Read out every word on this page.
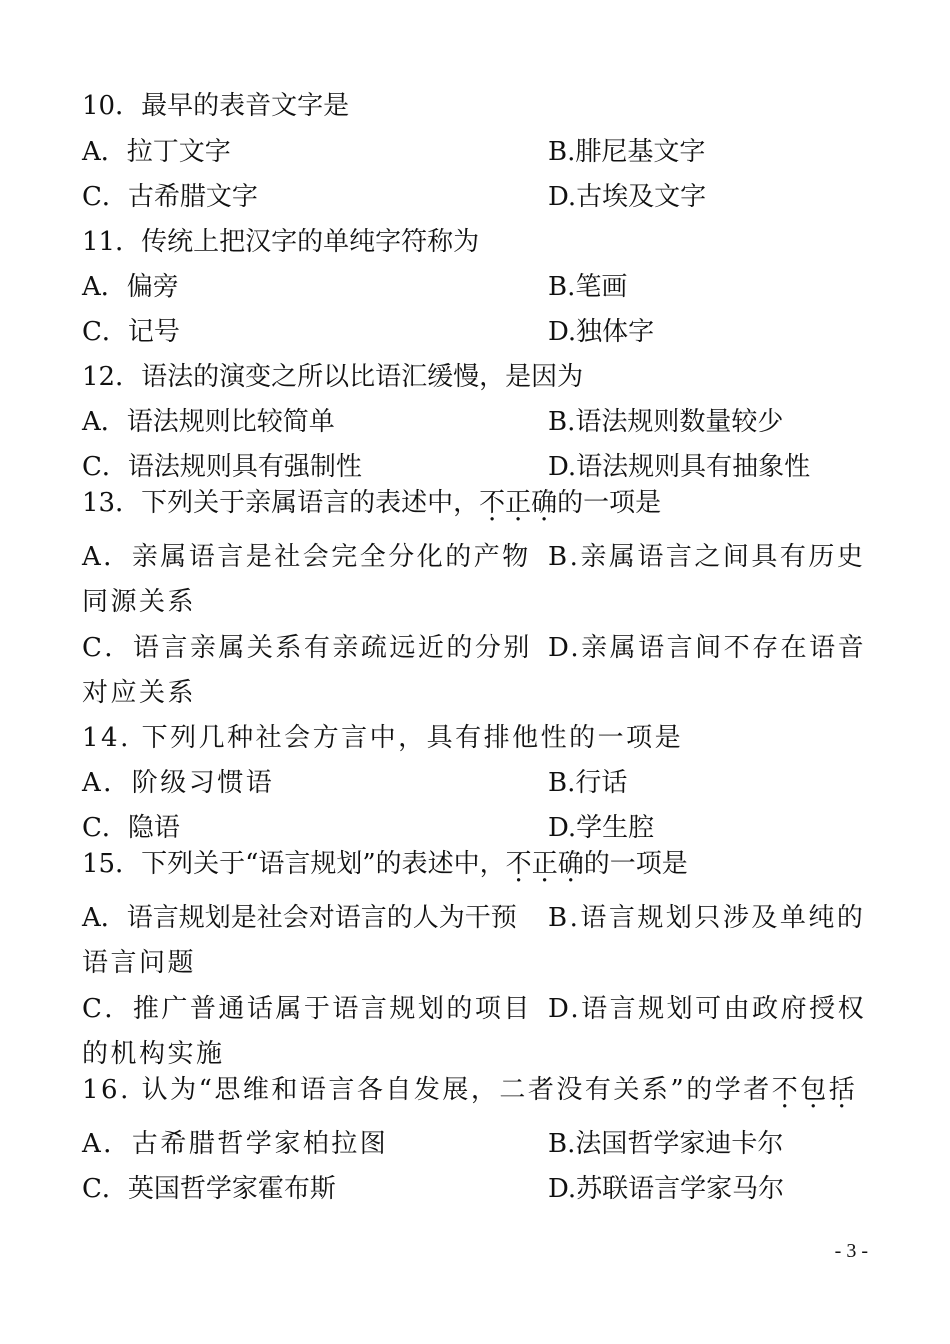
10．最早的表音文字是
A．拉丁文字	B.腓尼基文字
C．古希腊文字	D.古埃及文字
11．传统上把汉字的单纯字符称为
A．偏旁	B.笔画
C．记号	D.独体字
12．语法的演变之所以比语汇缓慢，是因为
A．语法规则比较简单	B.语法规则数量较少
C．语法规则具有强制性	D.语法规则具有抽象性
13．下列关于亲属语言的表述中，不正确的一项是
A．亲属语言是社会完全分化的产物 B.亲属语言之间具有历史
同源关系
C．语言亲属关系有亲疏远近的分别 D.亲属语言间不存在语音
对应关系
14. 下列几种社会方言中，具有排他性的一项是
A．阶级习惯语	B.行话
C．隐语	D.学生腔
15．下列关于“语言规划”的表述中，不正确的一项是
A．语言规划是社会对语言的人为干预 B.语言规划只涉及单纯的
语言问题
C．推广普通话属于语言规划的项目 D.语言规划可由政府授权
的机构实施
16. 认为“思维和语言各自发展，二者没有关系”的学者不包括
A．古希腊哲学家柏拉图	B.法国哲学家迪卡尔
C．英国哲学家霍布斯	D.苏联语言学家马尔
- 3 -
